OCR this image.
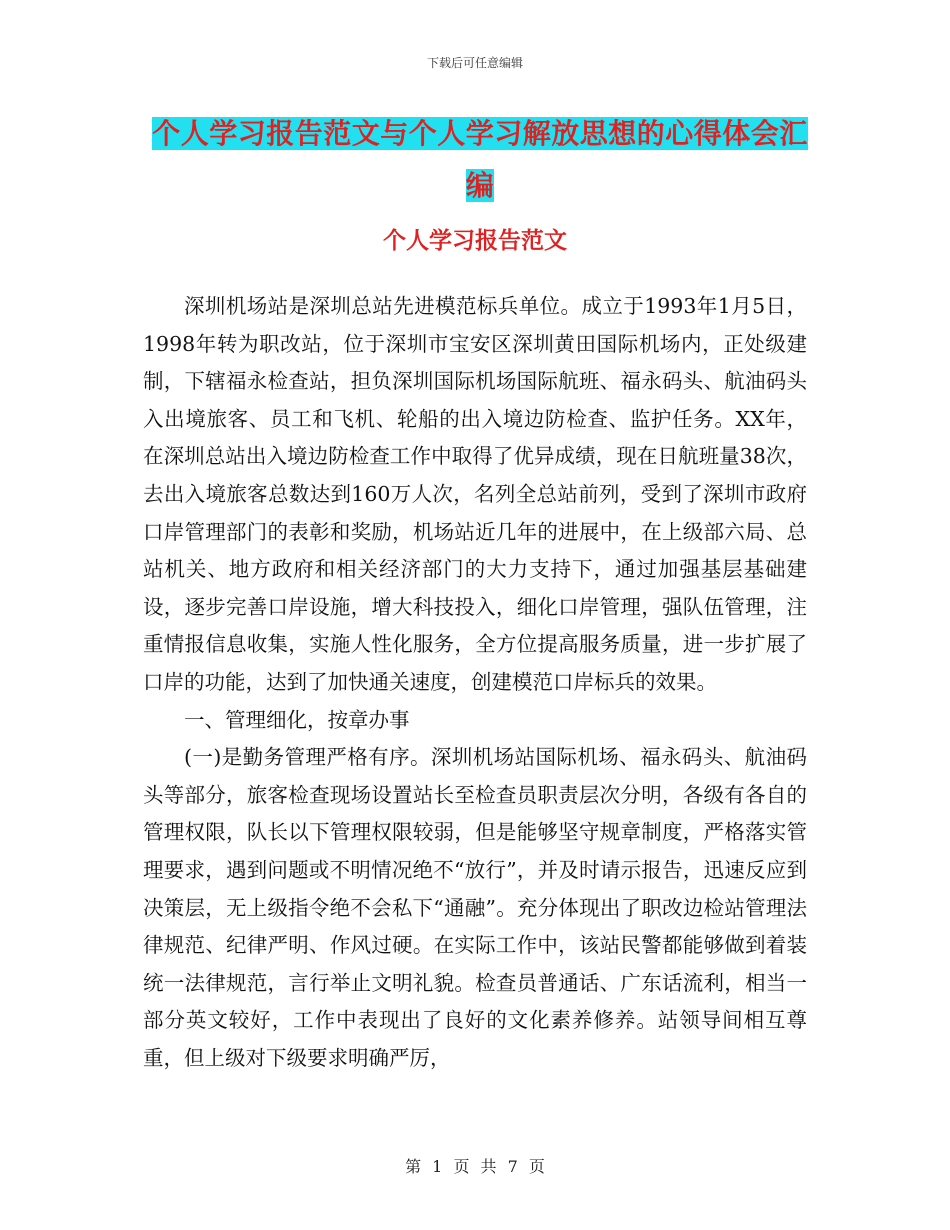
下载后可任意编辑
个人学习报告范文与个人学习解放思想的心得体会汇编
个人学习报告范文

深圳机场站是深圳总站先进模范标兵单位。成立于1993年1月5日，1998年转为职改站，位于深圳市宝安区深圳黄田国际机场内，正处级建制，下辖福永检查站，担负深圳国际机场国际航班、福永码头、航油码头入出境旅客、员工和飞机、轮船的出入境边防检查、监护任务。XX年，在深圳总站出入境边防检查工作中取得了优异成绩，现在日航班量38次，去出入境旅客总数达到160万人次，名列全总站前列，受到了深圳市政府口岸管理部门的表彰和奖励，机场站近几年的进展中，在上级部六局、总站机关、地方政府和相关经济部门的大力支持下，通过加强基层基础建设，逐步完善口岸设施，增大科技投入，细化口岸管理，强队伍管理，注重情报信息收集，实施人性化服务，全方位提高服务质量，进一步扩展了口岸的功能，达到了加快通关速度，创建模范口岸标兵的效果。

一、管理细化，按章办事

(一)是勤务管理严格有序。深圳机场站国际机场、福永码头、航油码头等部分，旅客检查现场设置站长至检查员职责层次分明，各级有各自的管理权限，队长以下管理权限较弱，但是能够坚守规章制度，严格落实管理要求，遇到问题或不明情况绝不“放行”，并及时请示报告，迅速反应到决策层，无上级指令绝不会私下“通融”。充分体现出了职改边检站管理法律规范、纪律严明、作风过硬。在实际工作中，该站民警都能够做到着装统一法律规范，言行举止文明礼貌。检查员普通话、广东话流利，相当一部分英文较好，工作中表现出了良好的文化素养修养。站领导间相互尊重，但上级对下级要求明确严厉，

第 1 页 共 7 页
